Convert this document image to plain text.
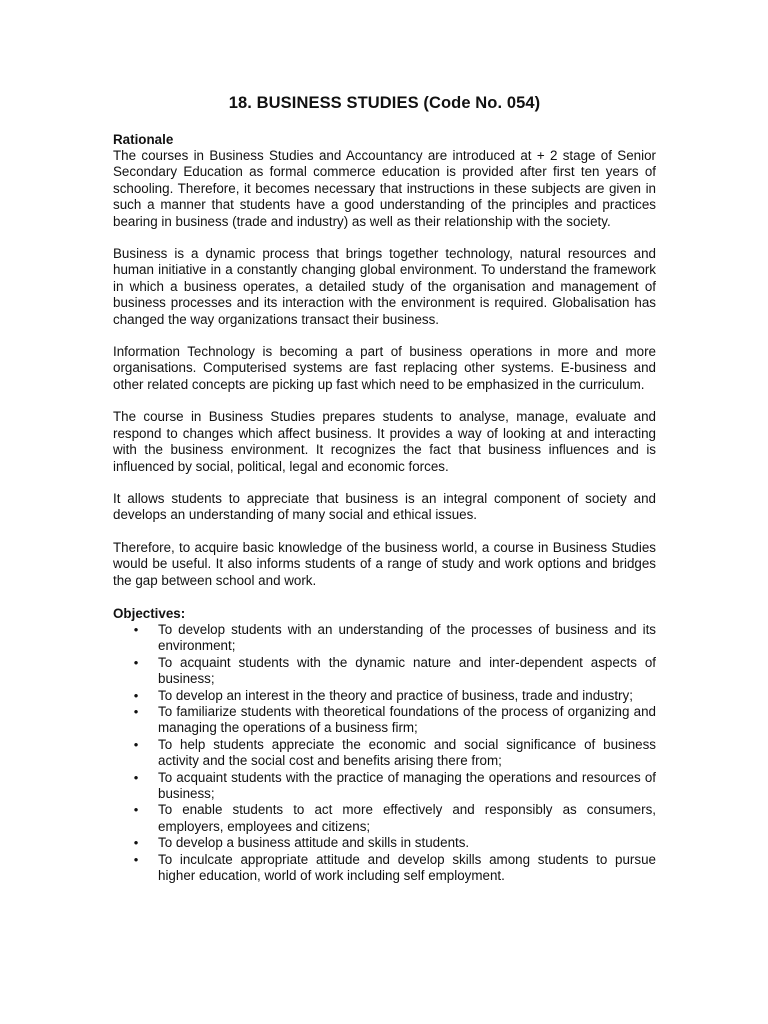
18. BUSINESS STUDIES (Code No. 054)
Rationale

The courses in Business Studies and Accountancy are introduced at + 2 stage of Senior Secondary Education as formal commerce education is provided after first ten years of schooling. Therefore, it becomes necessary that instructions in these subjects are given in such a manner that students have a good understanding of the principles and practices bearing in business (trade and industry) as well as their relationship with the society.

Business is a dynamic process that brings together technology, natural resources and human initiative in a constantly changing global environment. To understand the framework in which a business operates, a detailed study of the organisation and management of business processes and its interaction with the environment is required. Globalisation has changed the way organizations transact their business.

Information Technology is becoming a part of business operations in more and more organisations. Computerised systems are fast replacing other systems. E-business and other related concepts are picking up fast which need to be emphasized in the curriculum.

The course in Business Studies prepares students to analyse, manage, evaluate and respond to changes which affect business. It provides a way of looking at and interacting with the business environment. It recognizes the fact that business influences and is influenced by social, political, legal and economic forces.

It allows students to appreciate that business is an integral component of society and develops an understanding of many social and ethical issues.

Therefore, to acquire basic knowledge of the business world, a course in Business Studies would be useful. It also informs students of a range of study and work options and bridges the gap between school and work.

Objectives:
• To develop students with an understanding of the processes of business and its environment;
• To acquaint students with the dynamic nature and inter-dependent aspects of business;
• To develop an interest in the theory and practice of business, trade and industry;
• To familiarize students with theoretical foundations of the process of organizing and managing the operations of a business firm;
• To help students appreciate the economic and social significance of business activity and the social cost and benefits arising there from;
• To acquaint students with the practice of managing the operations and resources of business;
• To enable students to act more effectively and responsibly as consumers, employers, employees and citizens;
• To develop a business attitude and skills in students.
• To inculcate appropriate attitude and develop skills among students to pursue higher education, world of work including self employment.
